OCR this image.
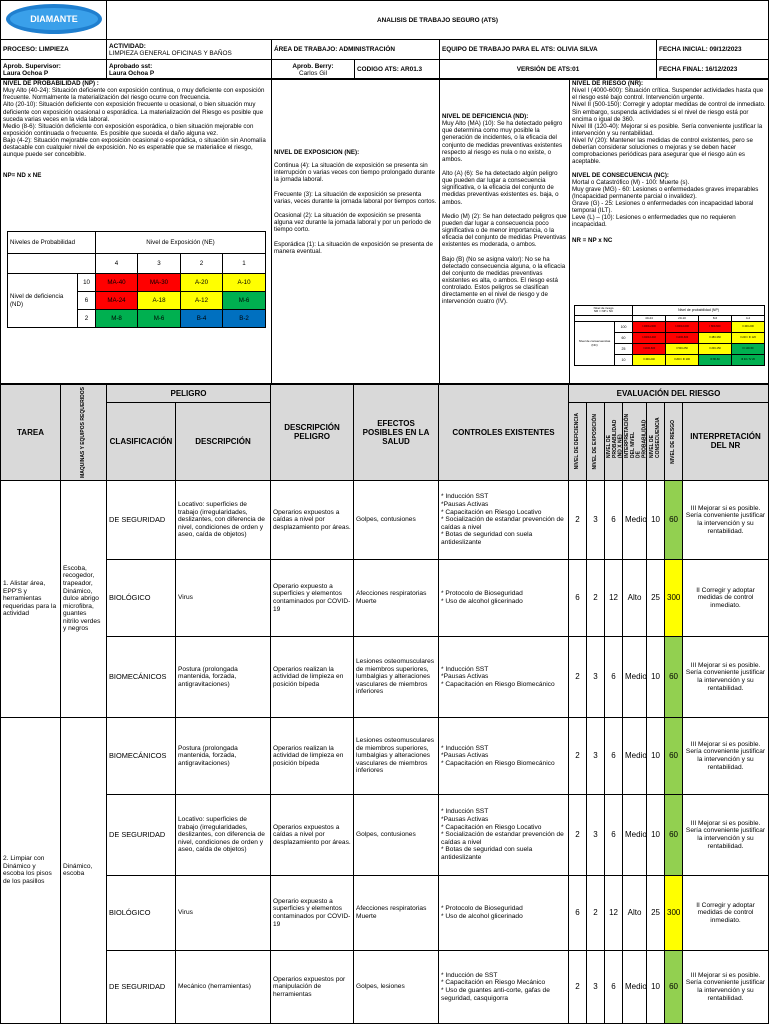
DIAMANTE	ANALISIS DE TRABAJO SEGURO (ATS)				
PROCESO: LIMPIEZA	ACTIVIDAD:
LIMPIEZA GENERAL OFICINAS Y BAÑOS	ÁREA DE TRABAJO: ADMINISTRACIÓN		EQUIPO DE TRABAJO PARA EL ATS: OLIVIA SILVA	FECHA INICIAL: 09/12/2023
Aprob. Supervisor:
Laura Ochoa P	Aprobado sst:
Laura Ochoa P	Aprob. Berry:
Carlos Gil	CODIGO ATS: AR01.3	VERSIÓN DE ATS:01	FECHA FINAL: 16/12/2023
NIVEL DE PROBABILIDAD (NP) :
Muy Alto (40-24): Situación deficiente con exposición continua, o muy deficiente con exposición frecuente. Normalmente la materialización del riesgo ocurre con frecuencia.
Alto (20-10): Situación deficiente con exposición frecuente u ocasional, o bien situación muy deficiente con exposición ocasional o esporádica. La materialización del Riesgo es posible que suceda varias veces en la vida laboral.
Medio (8-6): Situación deficiente con exposición esporádica, o bien situación mejorable con exposición continuada o frecuente. Es posible que suceda el daño alguna vez.
Bajo (4-2): Situación mejorable con exposición ocasional o esporádica, o situación sin Anomalía destacable con cualquier nivel de exposición. No es esperable que se materialice el riesgo, aunque puede ser concebible.
NP= ND x NE
Niveles de Probabilidad	Nivel de Exposición (NE)
	4	3	2	1
Nivel de deficiencia (ND)	10	MA-40	MA-30	A-20	A-10
6	MA-24	A-18	A-12	M-6
2	M-8	M-6	B-4	B-2

NIVEL DE EXPOSICION (NE):
Continua (4): La situación de exposición se presenta sin interrupción o varias veces con tiempo prolongado durante la jornada laboral.

Frecuente (3): La situación de exposición se presenta varias, veces durante la jornada laboral por tiempos cortos.

Ocasional (2): La situación de exposición se presenta alguna vez durante la jornada laboral y por un período de tiempo corto.

Esporádica (1): La situación de exposición se presenta de manera eventual.

NIVEL DE DEFICIENCIA (ND):
Muy Alto (MA) (10): Se ha detectado peligro que determina como muy posible la generación de incidentes, o la eficacia del conjunto de medidas preventivas existentes respecto al riesgo es nula o no existe, o ambos.

Alto (A) (6): Se ha detectado algún peligro que pueden dar lugar a consecuencia significativa, o la eficacia del conjunto de medidas preventivas existentes es. baja, o ambos.

Medio (M) (2): Se han detectado peligros que pueden dar lugar a consecuencia poco significativa o de menor importancia, o la eficacia del conjunto de medidas Preventivas existentes es moderada, o ambos.

Bajo (B) (No se asigna valor): No se ha detectado consecuencia alguna, o la eficacia del conjunto de medidas preventivas existentes es alta, o ambos. El riesgo está controlado. Estos peligros se clasifican directamente en el nivel de riesgo y de intervención cuatro (IV).

NIVEL DE RIESGO (NR):
Nivel I (4000-600): Situación crítica. Suspender actividades hasta que el riesgo esté bajo control. Intervención urgente.
Nivel II (500-150): Corregir y adoptar medidas de control de inmediato. Sin embargo, suspenda actividades si el nivel de riesgo está por encima o igual de 360.
Nivel III (120-40): Mejorar si es posible. Sería conveniente justificar la intervención y su rentabilidad.
Nivel IV (20): Mantener las medidas de control existentes, pero se deberían considerar soluciones o mejoras y se deben hacer comprobaciones periódicas para asegurar que el riesgo aún es aceptable.
NIVEL DE CONSECUENCIA (NC):
Mortal o Catastrófico (M) - 100: Muerte (s).
Muy grave (MG) - 60: Lesiones o enfermedades graves irreparables (Incapacidad permanente parcial o invalidez).
Grave (G) - 25: Lesiones o enfermedades con incapacidad laboral temporal (ILT).
Leve (L) – (10): Lesiones o enfermedades que no requieren incapacidad.
NR = NP x NC
Nivel de riesgo
NR = NP x NC	Nivel de probabilidad (NP)
	40-24	20-10	8-6	4-2
Nivel de consecuencias (NC)	100	I 4000-2400	I 2000-1000	I 800-600	II 400-200
60	I 2400-1440	I 1200-600	II 480-360	II 240 / III 120
25	I 1000-600	II 500-250	II 200-150	III 100-50
10	II 400-240	II 200 / III 100	III 80-60	III 40 / IV 20
TAREA	MAQUINAS Y EQUIPOS REQUERIDOS	PELIGRO		DESCRIPCIÓN PELIGRO	EFECTOS POSIBLES EN LA SALUD	CONTROLES EXISTENTES	EVALUACIÓN DEL RIESGO						
		CLASIFICACIÓN	DESCRIPCIÓN				NIVEL DE DEFICIENCIA	NIVEL DE EXPOSICIÓN	NIVEL DE PROBABILIDAD (ND X NE)	INTERPRETACIÓN DEL NIVEL DE PROBABILIDAD	NIVEL DE CONSECUENCIA	NIVEL DE RIESGO	INTERPRETACIÓN DEL NR
1. Alistar área, EPP'S y herramientas requeridas para la actividad	Escoba, recogedor, trapeador, Dinámico, dulce abrigo microfibra, guantes nitrilo verdes y negros	DE SEGURIDAD	Locativo: superficies de trabajo (irregularidades, deslizantes, con diferencia de nivel, condiciones de orden y aseo, caída de objetos)	Operarios expuestos a caídas a nivel por desplazamiento por áreas.	Golpes, contusiones	* Inducción SST
*Pausas Activas
* Capacitación en Riesgo Locativo
* Socialización de estandar prevención de caídas a nivel
* Botas de seguridad con suela antideslizante	2	3	6	Medio	10	60	III Mejorar si es posible. Sería conveniente justificar la intervención y su rentabilidad.
		BIOLÓGICO	Virus	Operario expuesto a superficies y elementos contaminados por COVID-19	Afecciones respiratorias Muerte	* Protocolo de Bioseguridad
* Uso de alcohol glicerinado	6	2	12	Alto	25	300	II Corregir y adoptar medidas de control inmediato.
		BIOMECÁNICOS	Postura (prolongada mantenida, forzada, antigravitaciones)	Operarios realizan la actividad de limpieza en posición bípeda	Lesiones osteomusculares de miembros superiores, lumbalgias y alteraciones vasculares de miembros inferiores	* Inducción SST
*Pausas Activas
* Capacitación en Riesgo Biomecánico	2	3	6	Medio	10	60	III Mejorar si es posible. Sería conveniente justificar la intervención y su rentabilidad.
2. Limpiar con Dinámico y escoba los pisos de los pasillos	Dinámico, escoba	BIOMECÁNICOS	Postura (prolongada mantenida, forzada, antigravitaciones)	Operarios realizan la actividad de limpieza en posición bípeda	Lesiones osteomusculares de miembros superiores, lumbalgias y alteraciones vasculares de miembros inferiores	* Inducción SST
*Pausas Activas
* Capacitación en Riesgo Biomecánico	2	3	6	Medio	10	60	III Mejorar si es posible. Sería conveniente justificar la intervención y su rentabilidad.
		DE SEGURIDAD	Locativo: superficies de trabajo (irregularidades, deslizantes, con diferencia de nivel, condiciones de orden y aseo, caída de objetos)	Operarios expuestos a caídas a nivel por desplazamiento por áreas.	Golpes, contusiones	* Inducción SST
*Pausas Activas
* Capacitación en Riesgo Locativo
* Socialización de estandar prevención de caídas a nivel
* Botas de seguridad con suela antideslizante	2	3	6	Medio	10	60	III Mejorar si es posible. Sería conveniente justificar la intervención y su rentabilidad.
		BIOLÓGICO	Virus	Operario expuesto a superficies y elementos contaminados por COVID-19	Afecciones respiratorias Muerte	* Protocolo de Bioseguridad
* Uso de alcohol glicerinado	6	2	12	Alto	25	300	II Corregir y adoptar medidas de control inmediato.
		DE SEGURIDAD	Mecánico (herramientas)	Operarios expuestos por manipulación de herramientas	Golpes, lesiones	* Inducción de SST
* Capacitación en Riesgo Mecánico
* Uso de guantes anti-corte, gafas de seguridad, casquigorra	2	3	6	Medio	10	60	III Mejorar si es posible. Sería conveniente justificar la intervención y su rentabilidad.
